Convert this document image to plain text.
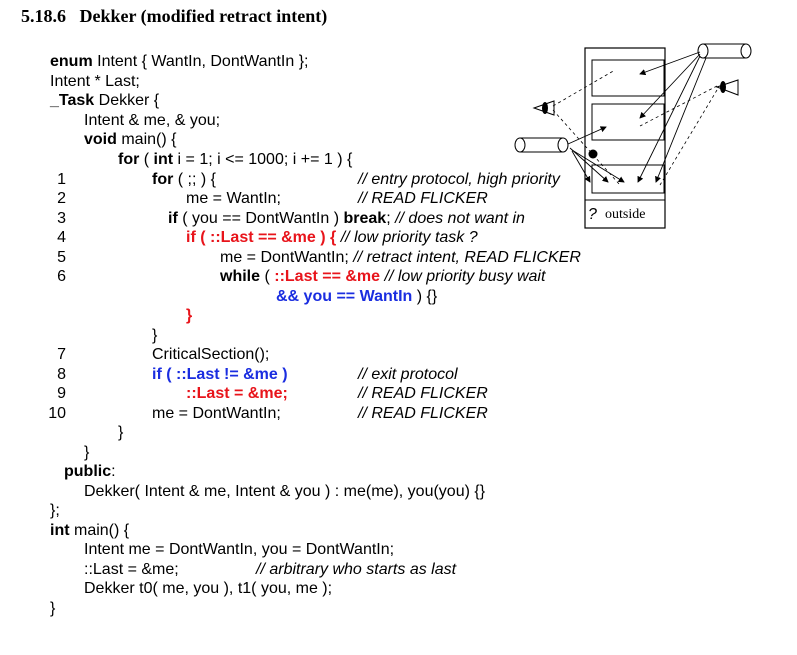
5.18.6   Dekker (modified retract intent)
1
2
3
4
5
6
7
8
9
10
enum Intent { WantIn, DontWantIn };
Intent * Last;
_Task Dekker {
Intent & me, & you;
void main() {
for ( int i = 1; i <= 1000; i += 1 ) {
for ( ;; ) {
me = WantIn;
if ( you == DontWantIn ) break; // does not want in
if ( ::Last == &me ) { // low priority task ?
me = DontWantIn; // retract intent, READ FLICKER
while ( ::Last == &me // low priority busy wait
&& you == WantIn ) {}
}
}
CriticalSection();
if ( ::Last != &me )
::Last = &me;
me = DontWantIn;
}
}
public:
Dekker( Intent & me, Intent & you ) : me(me), you(you) {}
};
int main() {
Intent me = DontWantIn, you = DontWantIn;
::Last = &me;	// arbitrary who starts as last
Dekker t0( me, you ), t1( you, me );
}
// entry protocol, high priority
// READ FLICKER
// exit protocol
// READ FLICKER
// READ FLICKER
? outside
